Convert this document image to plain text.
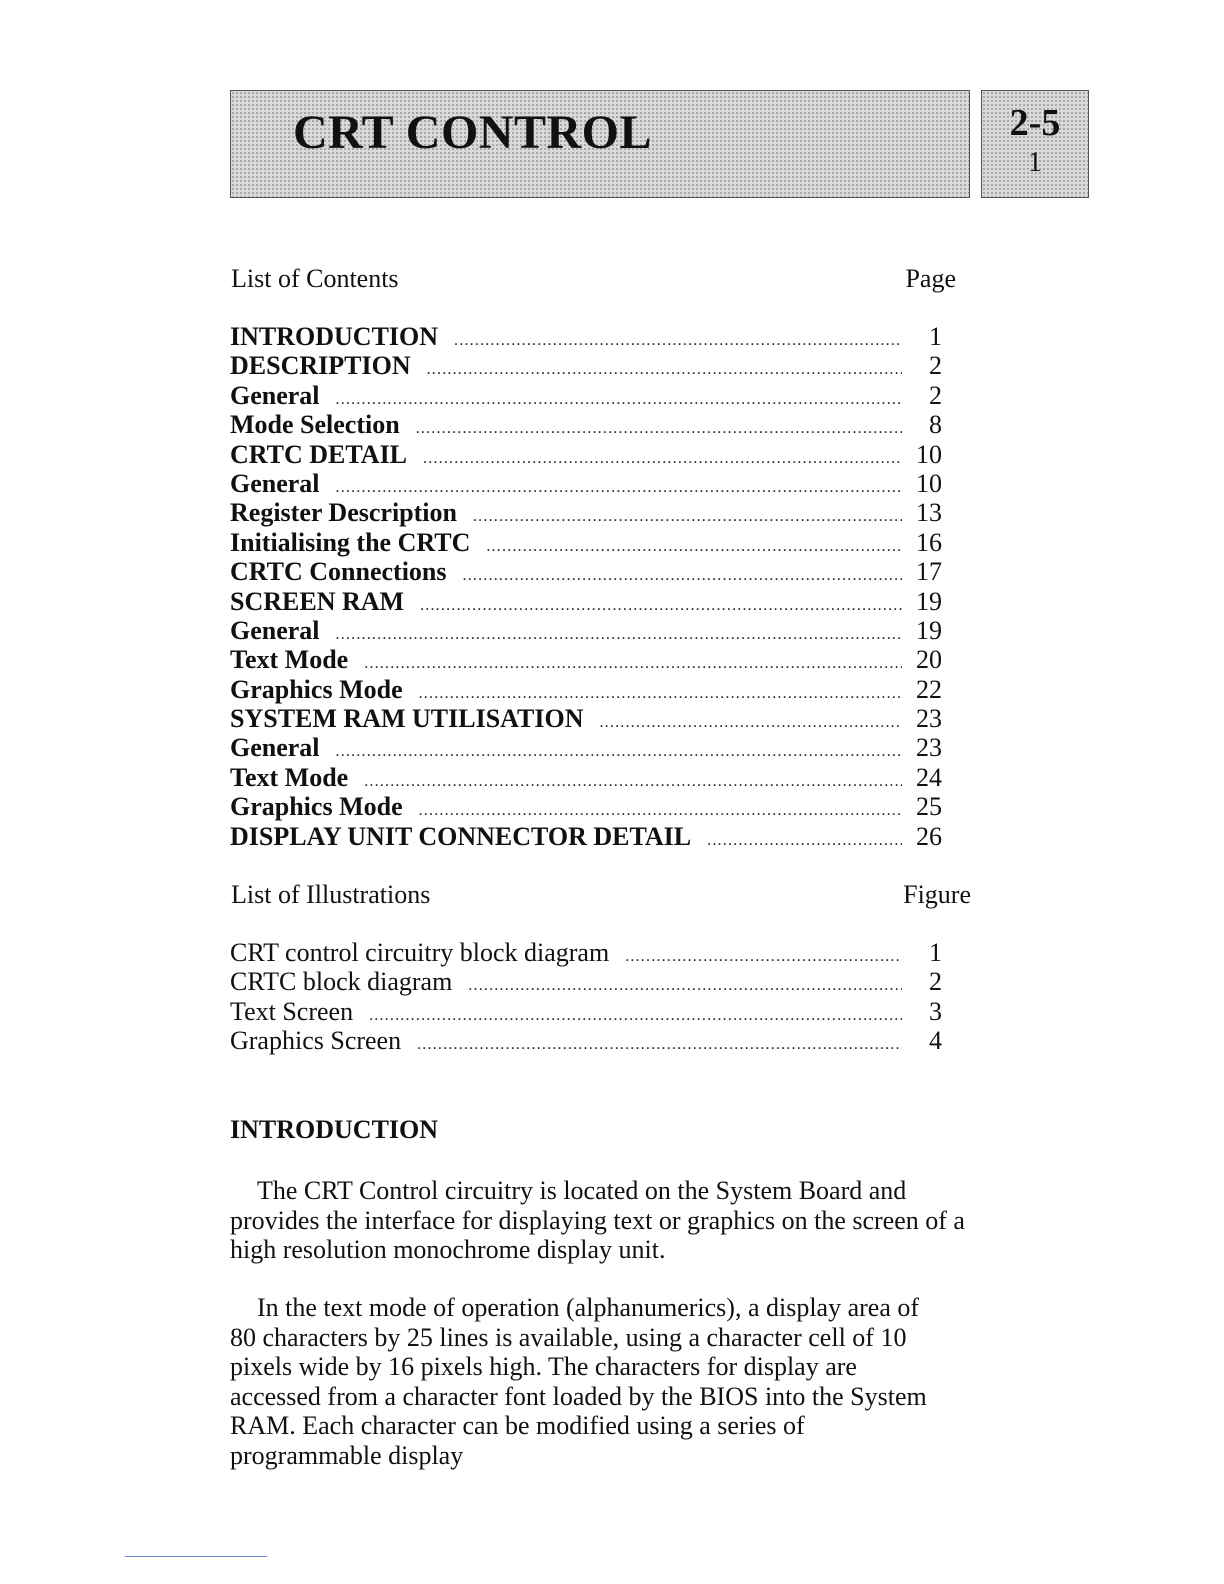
CRT CONTROL	2-5
1
List of Contents	Page
INTRODUCTION .....	1
DESCRIPTION .....	2
General .....	2
Mode Selection .....	8
CRTC DETAIL .....	10
General .....	10
Register Description .....	13
Initialising the CRTC .....	16
CRTC Connections .....	17
SCREEN RAM .....	19
General .....	19
Text Mode .....	20
Graphics Mode .....	22
SYSTEM RAM UTILISATION .....	23
General .....	23
Text Mode .....	24
Graphics Mode .....	25
DISPLAY UNIT CONNECTOR DETAIL .....	26
List of Illustrations	Figure
CRT control circuitry block diagram .....	1
CRTC block diagram .....	2
Text Screen .....	3
Graphics Screen .....	4
INTRODUCTION

The CRT Control circuitry is located on the System Board and provides the interface for displaying text or graphics on the screen of a high resolution monochrome display unit.

In the text mode of operation (alphanumerics), a display area of 80 characters by 25 lines is available, using a character cell of 10 pixels wide by 16 pixels high. The characters for display are accessed from a character font loaded by the BIOS into the System RAM. Each character can be modified using a series of programmable display
